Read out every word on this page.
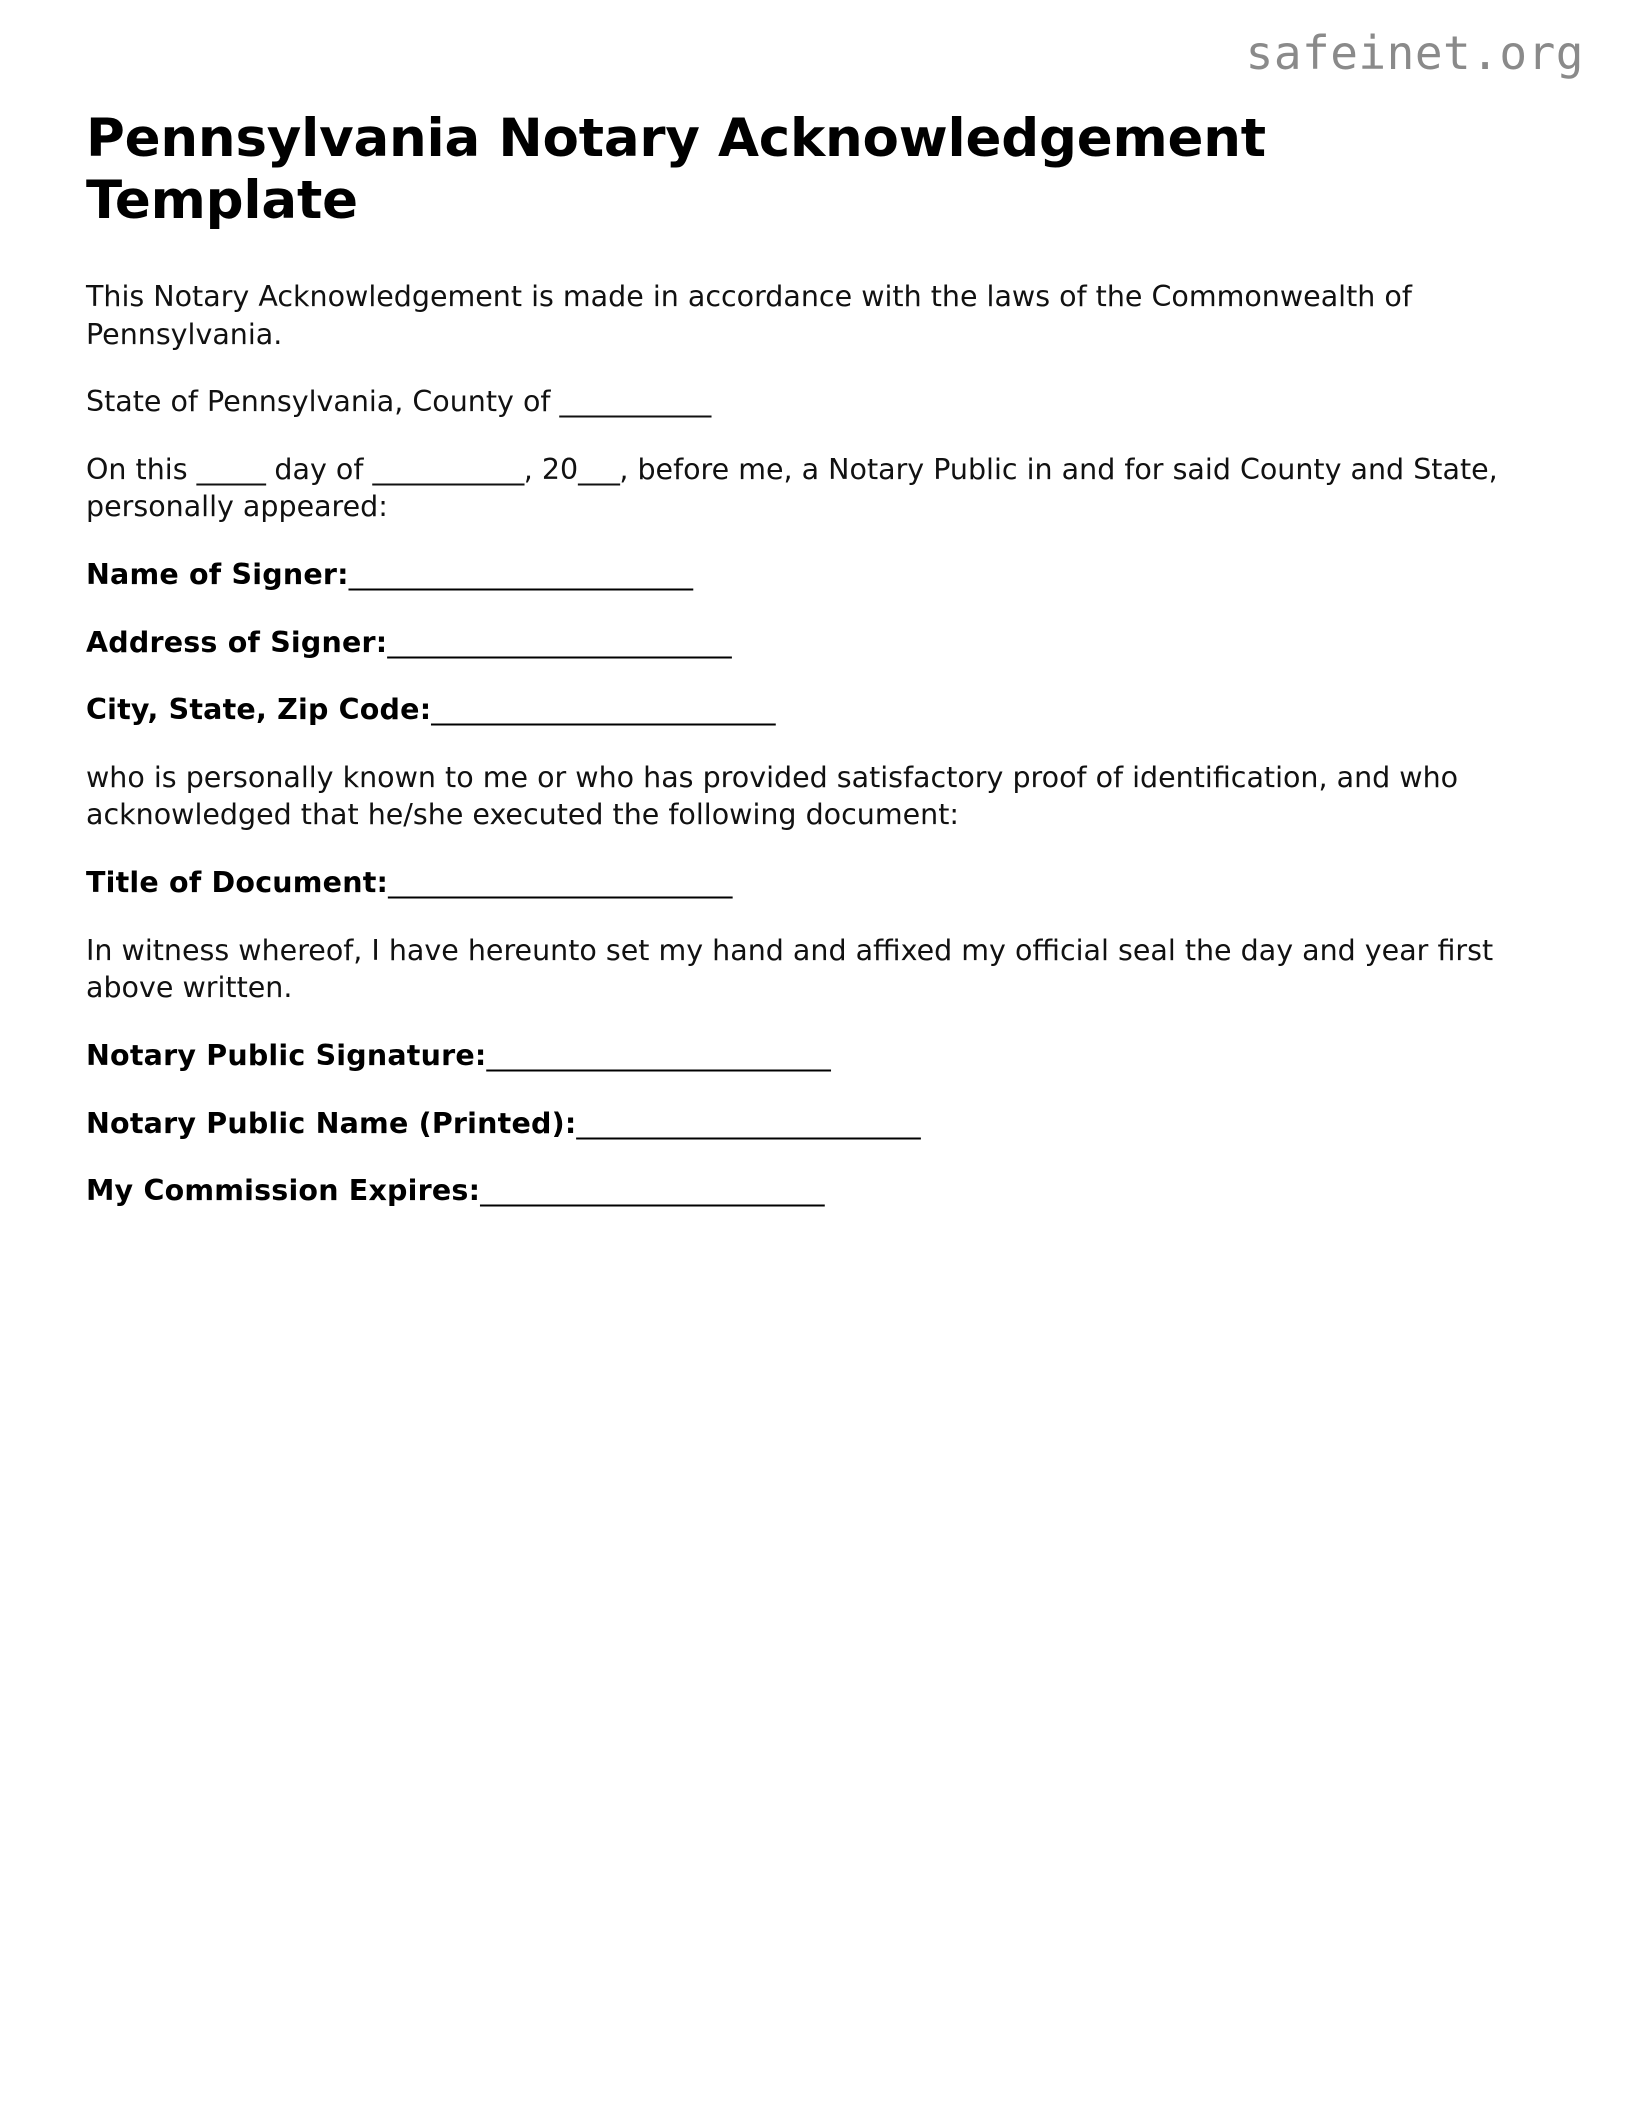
safeinet.org
Pennsylvania Notary Acknowledgement Template

This Notary Acknowledgement is made in accordance with the laws of the Commonwealth of Pennsylvania.

State of Pennsylvania, County of ___________

On this _____ day of ___________, 20___, before me, a Notary Public in and for said County and State, personally appeared:

Name of Signer:_________________________

Address of Signer:_________________________

City, State, Zip Code:_________________________

who is personally known to me or who has provided satisfactory proof of identification, and who acknowledged that he/she executed the following document:

Title of Document:_________________________

In witness whereof, I have hereunto set my hand and affixed my official seal the day and year first above written.

Notary Public Signature:_________________________

Notary Public Name (Printed):_________________________

My Commission Expires:_________________________
